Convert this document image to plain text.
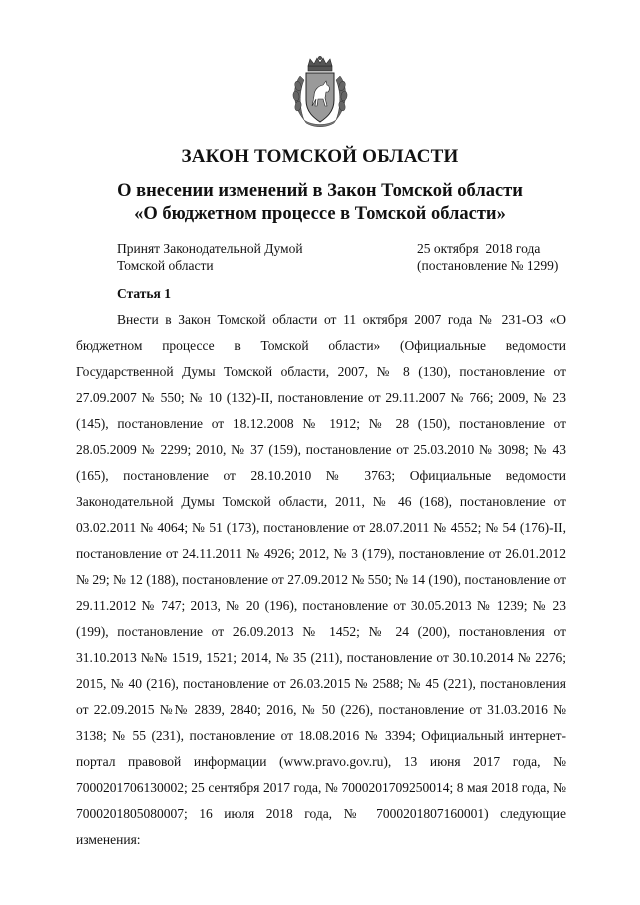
ЗАКОН ТОМСКОЙ ОБЛАСТИ
О внесении изменений в Закон Томской области
«О бюджетном процессе в Томской области»
Принят Законодательной Думой
Томской области
25 октября  2018 года
(постановление № 1299)
Статья 1

Внести в Закон Томской области от 11 октября 2007 года № 231-ОЗ «О бюджетном процессе в Томской области» (Официальные ведомости Государственной Думы Томской области, 2007, № 8 (130), постановление от 27.09.2007 № 550; № 10 (132)-II, постановление от 29.11.2007 № 766; 2009, № 23 (145), постановление от 18.12.2008 № 1912; № 28 (150), постановление от 28.05.2009 № 2299; 2010, № 37 (159), постановление от 25.03.2010 № 3098; № 43 (165), постановление от 28.10.2010 № 3763; Официальные ведомости Законодательной Думы Томской области, 2011, № 46 (168), постановление от 03.02.2011 № 4064; № 51 (173), постановление от 28.07.2011 № 4552; № 54 (176)-II, постановление от 24.11.2011 № 4926; 2012, № 3 (179), постановление от 26.01.2012 № 29; № 12 (188), постановление от 27.09.2012 № 550; № 14 (190), постановление от 29.11.2012 № 747; 2013, № 20 (196), постановление от 30.05.2013 № 1239; № 23 (199), постановление от 26.09.2013 № 1452; № 24 (200), постановления от 31.10.2013 №№ 1519, 1521; 2014, № 35 (211), постановление от 30.10.2014 № 2276; 2015, № 40 (216), постановление от 26.03.2015 № 2588; № 45 (221), постановления от 22.09.2015 №№ 2839, 2840; 2016, № 50 (226), постановление от 31.03.2016 № 3138; № 55 (231), постановление от 18.08.2016 № 3394; Официальный интернет-портал правовой информации (www.pravo.gov.ru), 13 июня 2017 года, № 7000201706130002; 25 сентября 2017 года, № 7000201709250014; 8 мая 2018 года, № 7000201805080007; 16 июля 2018 года, № 7000201807160001) следующие изменения:
